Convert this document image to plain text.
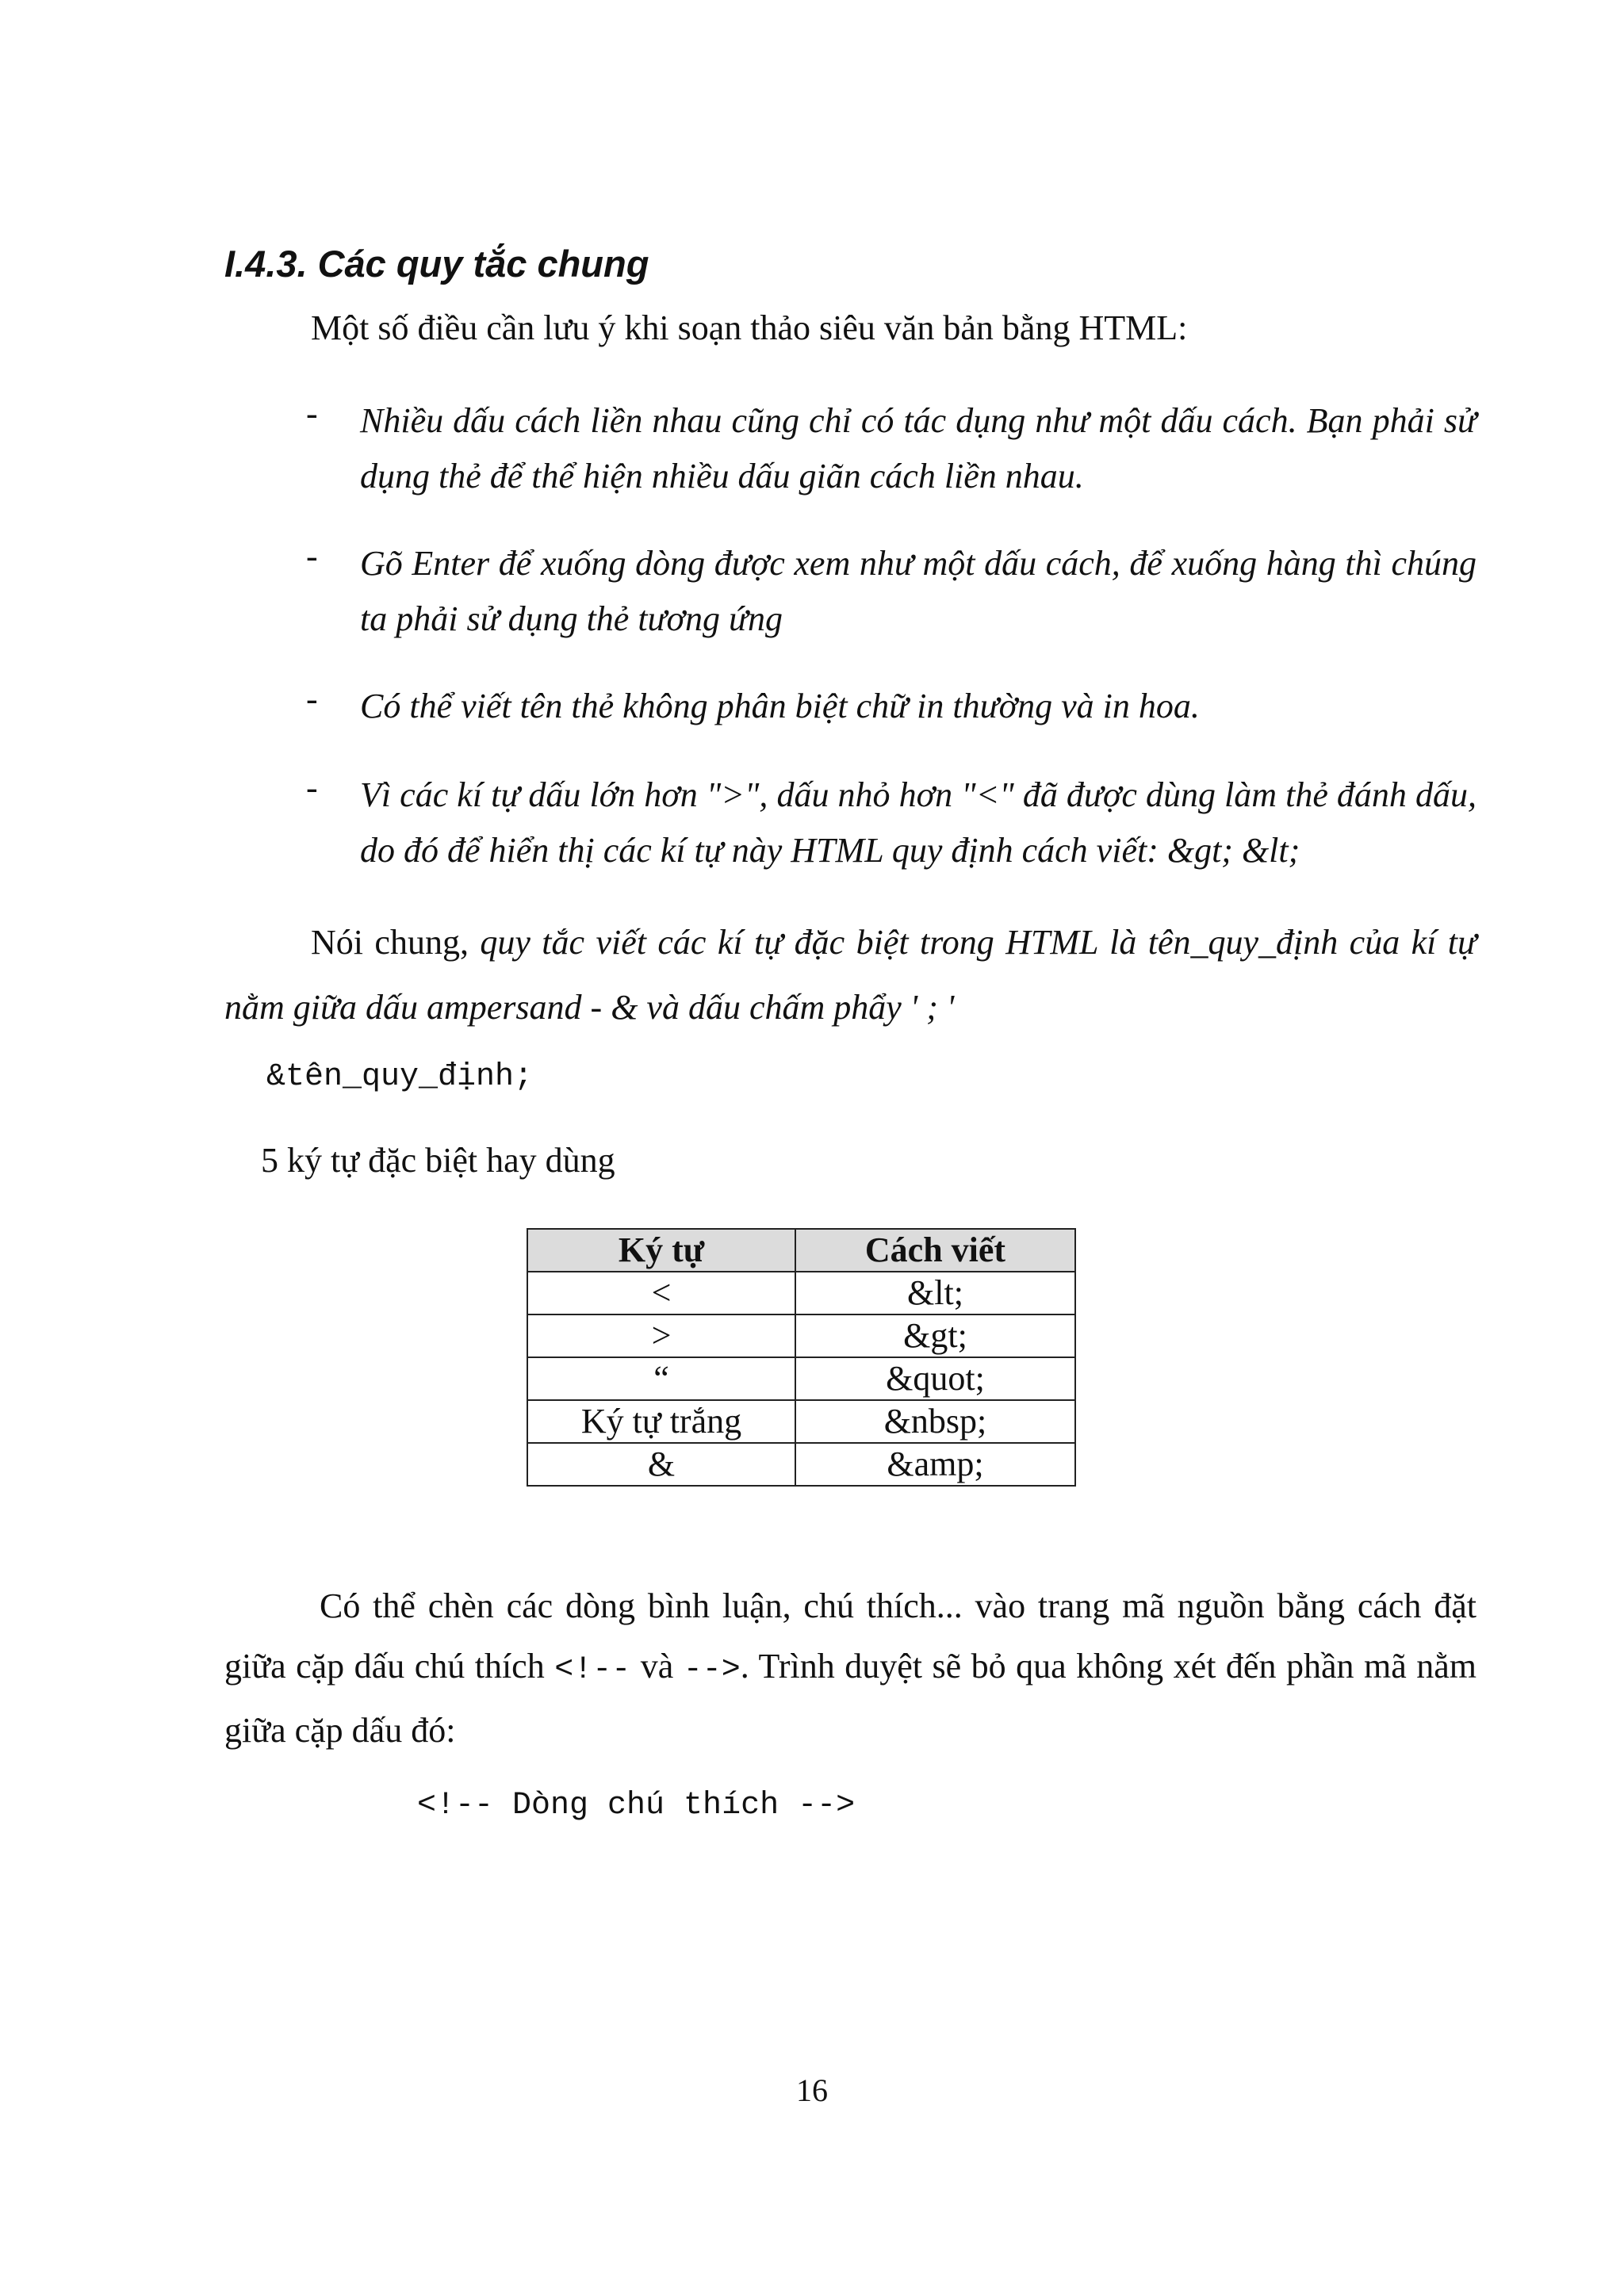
I.4.3. Các quy tắc chung
Một số điều cần lưu ý khi soạn thảo siêu văn bản bằng HTML:
- Nhiều dấu cách liền nhau cũng chỉ có tác dụng như một dấu cách. Bạn phải sử dụng thẻ để thể hiện nhiều dấu giãn cách liền nhau.
- Gõ Enter để xuống dòng được xem như một dấu cách, để xuống hàng thì chúng ta phải sử dụng thẻ tương ứng
- Có thể viết tên thẻ không phân biệt chữ in thường và in hoa.
- Vì các kí tự dấu lớn hơn ">", dấu nhỏ hơn "<" đã được dùng làm thẻ đánh dấu, do đó để hiển thị các kí tự này HTML quy định cách viết: &gt; &lt;
Nói chung, quy tắc viết các kí tự đặc biệt trong HTML là tên_quy_định của kí tự nằm giữa dấu ampersand - & và dấu chấm phẩy ' ; '
&tên_quy_định;
5 ký tự đặc biệt hay dùng
Ký tự	Cách viết
<	&lt;
>	&gt;
“	&quot;
Ký tự trắng	&nbsp;
&	&amp;
Có thể chèn các dòng bình luận, chú thích... vào trang mã nguồn bằng cách đặt giữa cặp dấu chú thích <!-- và -->. Trình duyệt sẽ bỏ qua không xét đến phần mã nằm giữa cặp dấu đó:
<!-- Dòng chú thích -->
16
